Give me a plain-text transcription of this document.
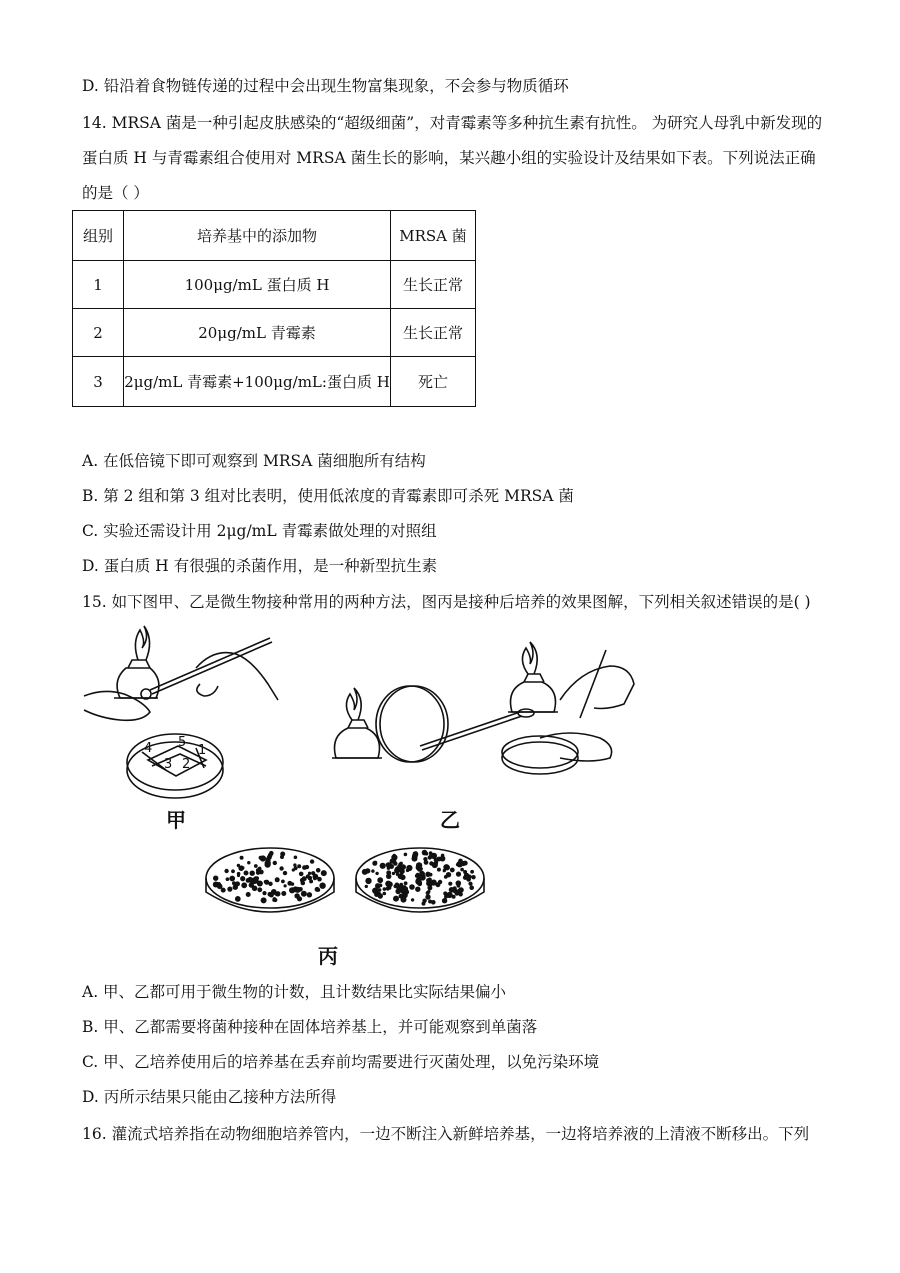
D. 铅沿着食物链传递的过程中会出现生物富集现象，不会参与物质循环
14. MRSA 菌是一种引起皮肤感染的“超级细菌”，对青霉素等多种抗生素有抗性。 为研究人母乳中新发现的
蛋白质 H 与青霉素组合使用对 MRSA 菌生长的影响，某兴趣小组的实验设计及结果如下表。下列说法正确
的是（ ）
组别	培养基中的添加物	MRSA 菌
1	100μg/mL 蛋白质 H	生长正常
2	20μg/mL 青霉素	生长正常
3	2μg/mL 青霉素+100μg/mL:蛋白质 H	死亡
A. 在低倍镜下即可观察到 MRSA 菌细胞所有结构
B. 第 2 组和第 3 组对比表明，使用低浓度的青霉素即可杀死 MRSA 菌
C. 实验还需设计用 2μg/mL 青霉素做处理的对照组
D. 蛋白质 H 有很强的杀菌作用，是一种新型抗生素
15. 如下图甲、乙是微生物接种常用的两种方法，图丙是接种后培养的效果图解，下列相关叙述错误的是( )
4 5
1
3 2
甲	乙
丙
A. 甲、乙都可用于微生物的计数，且计数结果比实际结果偏小
B. 甲、乙都需要将菌种接种在固体培养基上，并可能观察到单菌落
C. 甲、乙培养使用后的培养基在丢弃前均需要进行灭菌处理，以免污染环境
D. 丙所示结果只能由乙接种方法所得
16. 灌流式培养指在动物细胞培养管内，一边不断注入新鲜培养基，一边将培养液的上清液不断移出。下列
